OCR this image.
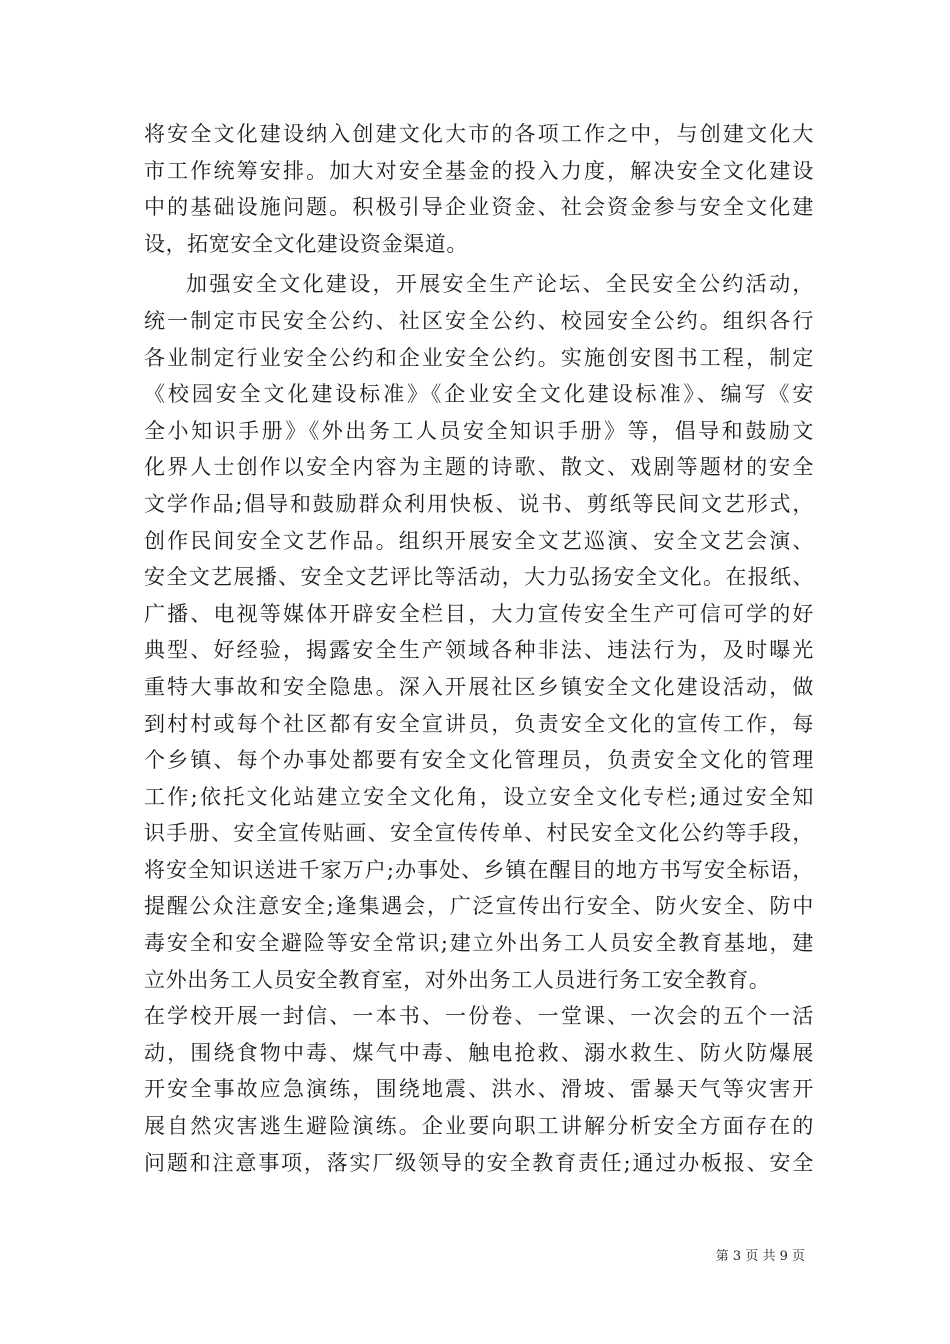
将安全文化建设纳入创建文化大市的各项工作之中，与创建文化大
市工作统筹安排。加大对安全基金的投入力度，解决安全文化建设
中的基础设施问题。积极引导企业资金、社会资金参与安全文化建
设，拓宽安全文化建设资金渠道。
加强安全文化建设，开展安全生产论坛、全民安全公约活动，
统一制定市民安全公约、社区安全公约、校园安全公约。组织各行
各业制定行业安全公约和企业安全公约。实施创安图书工程，制定
《校园安全文化建设标准》《企业安全文化建设标准》、编写《安
全小知识手册》《外出务工人员安全知识手册》等，倡导和鼓励文
化界人士创作以安全内容为主题的诗歌、散文、戏剧等题材的安全
文学作品;倡导和鼓励群众利用快板、说书、剪纸等民间文艺形式，
创作民间安全文艺作品。组织开展安全文艺巡演、安全文艺会演、
安全文艺展播、安全文艺评比等活动，大力弘扬安全文化。在报纸、
广播、电视等媒体开辟安全栏目，大力宣传安全生产可信可学的好
典型、好经验，揭露安全生产领域各种非法、违法行为，及时曝光
重特大事故和安全隐患。深入开展社区乡镇安全文化建设活动，做
到村村或每个社区都有安全宣讲员，负责安全文化的宣传工作，每
个乡镇、每个办事处都要有安全文化管理员，负责安全文化的管理
工作;依托文化站建立安全文化角，设立安全文化专栏;通过安全知
识手册、安全宣传贴画、安全宣传传单、村民安全文化公约等手段，
将安全知识送进千家万户;办事处、乡镇在醒目的地方书写安全标语，
提醒公众注意安全;逢集遇会，广泛宣传出行安全、防火安全、防中
毒安全和安全避险等安全常识;建立外出务工人员安全教育基地，建
立外出务工人员安全教育室，对外出务工人员进行务工安全教育。
在学校开展一封信、一本书、一份卷、一堂课、一次会的五个一活
动，围绕食物中毒、煤气中毒、触电抢救、溺水救生、防火防爆展
开安全事故应急演练，围绕地震、洪水、滑坡、雷暴天气等灾害开
展自然灾害逃生避险演练。企业要向职工讲解分析安全方面存在的
问题和注意事项，落实厂级领导的安全教育责任;通过办板报、安全
第 3 页 共 9 页
